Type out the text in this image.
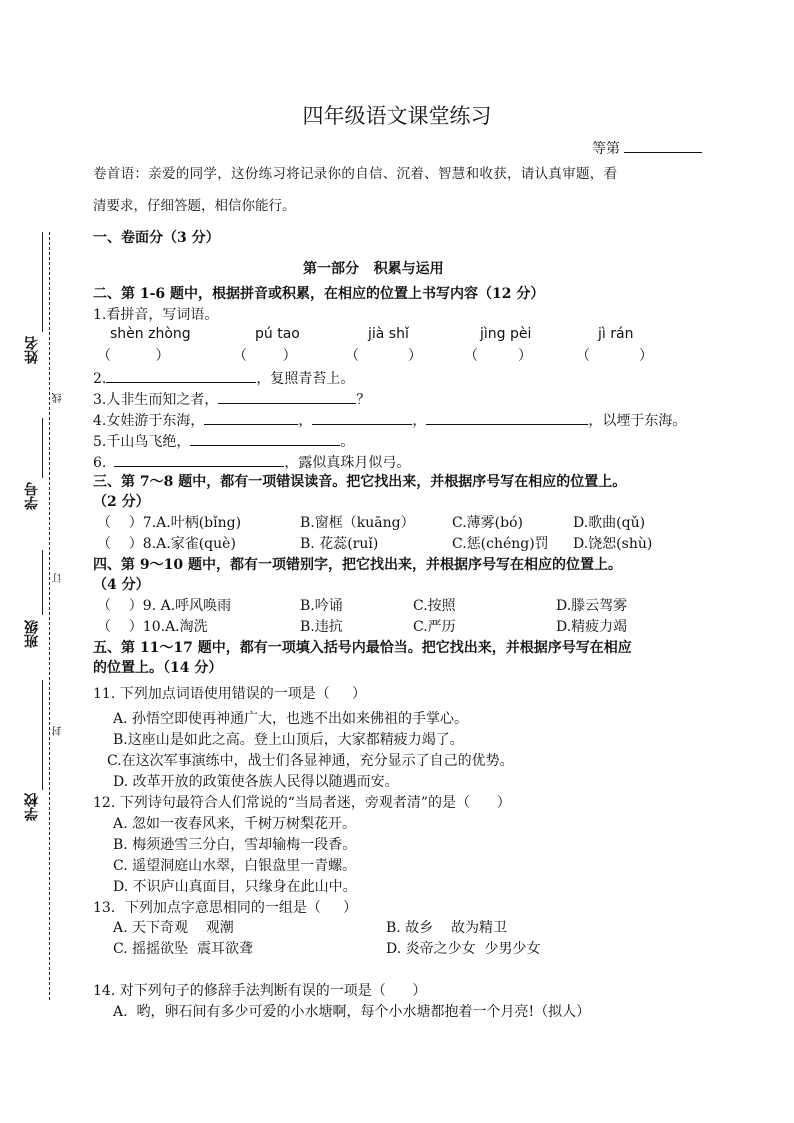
姓名
学号
班级
学校
线
订
封
四年级语文课堂练习
等第
卷首语：亲爱的同学，这份练习将记录你的自信、沉着、智慧和收获，请认真审题，看
清要求，仔细答题，相信你能行。
一、卷面分（3 分）
第一部分   积累与运用
二、第 1-6 题中，根据拼音或积累，在相应的位置上书写内容（12 分）
1.看拼音，写词语。
shèn zhòng	pú tao	jià shǐ	jìng pèi	jì rán
（          ）	（        ）	（           ）	（         ）	（           ）
2.	，复照青苔上。
3.人非生而知之者，	？
4.女娃游于东海，	，	，	，以堙于东海。
5.千山鸟飞绝，	。
6.	，露似真珠月似弓。
三、第 7～8 题中，都有一项错误读音。把它找出来，并根据序号写在相应的位置上。
（2 分）
（    ）7.A.叶柄(bǐng)	B.窗框（kuāng）	C.薄雾(bó)	D.歌曲(qǔ)
（    ）8.A.家雀(què)	B. 花蕊(ruǐ)	C.惩(chéng)罚 D.饶恕(shù)
四、第 9～10 题中，都有一项错别字，把它找出来，并根据序号写在相应的位置上。
（4 分）
（    ）9. A.呼风唤雨	B.吟诵	C.按照	D.滕云驾雾
（    ）10.A.淘洗	B.违抗	C.严历	D.精疲力竭
五、第 11～17 题中，都有一项填入括号内最恰当。把它找出来，并根据序号写在相应
的位置上。（14 分）
11. 下列加点词语使用错误的一项是（     ）
A. 孙悟空即使再神通广大，也逃不出如来佛祖的手掌心。
B.这座山是如此之高。登上山顶后，大家都精疲力竭了。
C.在这次军事演练中，战士们各显神通，充分显示了自己的优势。
D. 改革开放的政策使各族人民得以随遇而安。
12. 下列诗句最符合人们常说的“当局者迷，旁观者清”的是（      ）
A. 忽如一夜春风来，千树万树梨花开。
B. 梅须逊雪三分白，雪却输梅一段香。
C. 遥望洞庭山水翠，白银盘里一青螺。
D. 不识庐山真面目，只缘身在此山中。
13．下列加点字意思相同的一组是（     ）
A. 天下奇观    观潮	B. 故乡    故为精卫
C. 摇摇欲坠  震耳欲聋	D. 炎帝之少女  少男少女
14. 对下列句子的修辞手法判断有误的一项是（      ）
A.  哟，卵石间有多少可爱的小水塘啊，每个小水塘都抱着一个月亮!（拟人）
